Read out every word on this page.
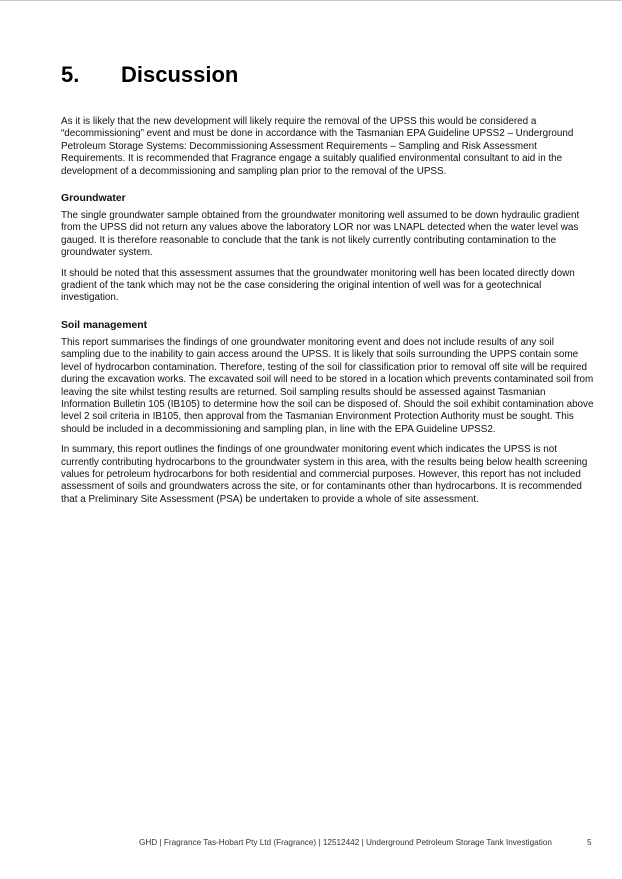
5.	Discussion

As it is likely that the new development will likely require the removal of the UPSS this would be considered a “decommissioning” event and must be done in accordance with the Tasmanian EPA Guideline UPSS2 – Underground Petroleum Storage Systems: Decommissioning Assessment Requirements – Sampling and Risk Assessment Requirements. It is recommended that Fragrance engage a suitably qualified environmental consultant to aid in the development of a decommissioning and sampling plan prior to the removal of the UPSS.

Groundwater

The single groundwater sample obtained from the groundwater monitoring well assumed to be down hydraulic gradient from the UPSS did not return any values above the laboratory LOR nor was LNAPL detected when the water level was gauged. It is therefore reasonable to conclude that the tank is not likely currently contributing contamination to the groundwater system.

It should be noted that this assessment assumes that the groundwater monitoring well has been located directly down gradient of the tank which may not be the case considering the original intention of well was for a geotechnical investigation.

Soil management

This report summarises the findings of one groundwater monitoring event and does not include results of any soil sampling due to the inability to gain access around the UPSS. It is likely that soils surrounding the UPPS contain some level of hydrocarbon contamination. Therefore, testing of the soil for classification prior to removal off site will be required during the excavation works. The excavated soil will need to be stored in a location which prevents contaminated soil from leaving the site whilst testing results are returned. Soil sampling results should be assessed against Tasmanian Information Bulletin 105 (IB105) to determine how the soil can be disposed of. Should the soil exhibit contamination above level 2 soil criteria in IB105, then approval from the Tasmanian Environment Protection Authority must be sought. This should be included in a decommissioning and sampling plan, in line with the EPA Guideline UPSS2.

In summary, this report outlines the findings of one groundwater monitoring event which indicates the UPSS is not currently contributing hydrocarbons to the groundwater system in this area, with the results being below health screening values for petroleum hydrocarbons for both residential and commercial purposes. However, this report has not included assessment of soils and groundwaters across the site, or for contaminants other than hydrocarbons. It is recommended that a Preliminary Site Assessment (PSA) be undertaken to provide a whole of site assessment.

GHD | Fragrance Tas-Hobart Pty Ltd (Fragrance) | 12512442 | Underground Petroleum Storage Tank Investigation	5
